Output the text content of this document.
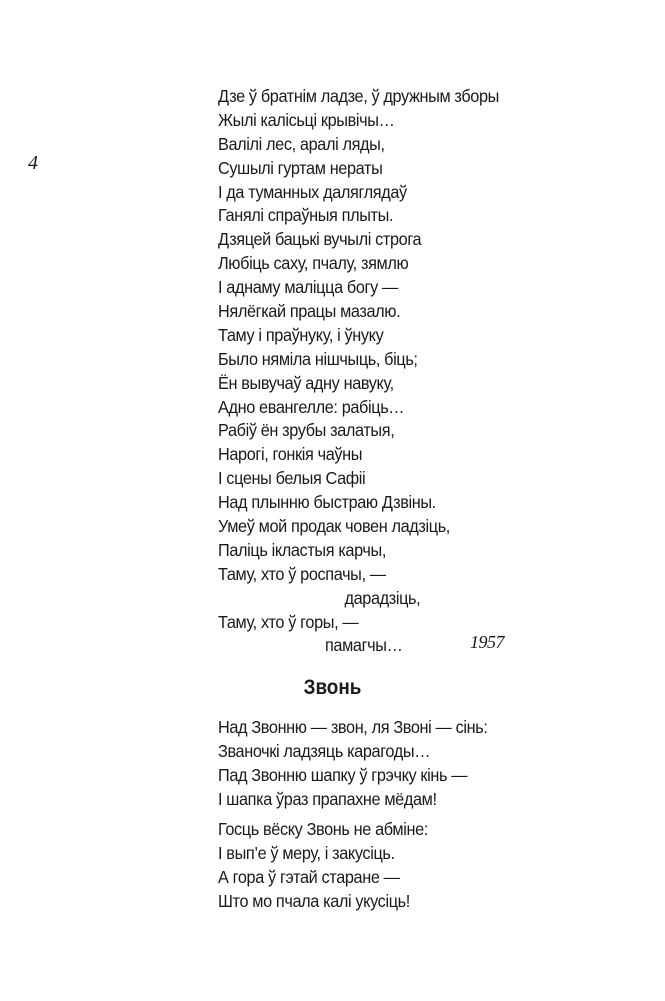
4
Дзе ў братнім ладзе, ў дружным зборы
Жылі калісьці крывічы…
Валілі лес, аралі ляды,
Сушылі гуртам нераты
І да туманных даляглядаў
Ганялі спраўныя плыты.
Дзяцей бацькі вучылі строга
Любіць саху, пчалу, зямлю
І аднаму маліцца богу —
Нялёгкай працы мазалю.
Таму і праўнуку, і ўнуку
Было няміла нішчыць, біць;
Ён вывучаў адну навуку,
Адно евангелле: рабіць…
Рабіў ён зрубы залатыя,
Нарогі, гонкія чаўны
І сцены белыя Сафіі
Над плынню быстраю Дзвіны.
Умеў мой продак човен ладзіць,
Паліць ікластыя карчы,
Таму, хто ў роспачы, —
дарадзіць,
Таму, хто ў горы, —
памагчы…	1957
Звонь
Над Звонню — звон, ля Звоні — сінь:
Званочкі ладзяць карагоды…
Пад Звонню шапку ў грэчку кінь —
І шапка ўраз прапахне мёдам!
Госць вёску Звонь не абміне:
І вып’е ў меру, і закусіць.
А гора ў гэтай старане —
Што мо пчала калі укусіць!
